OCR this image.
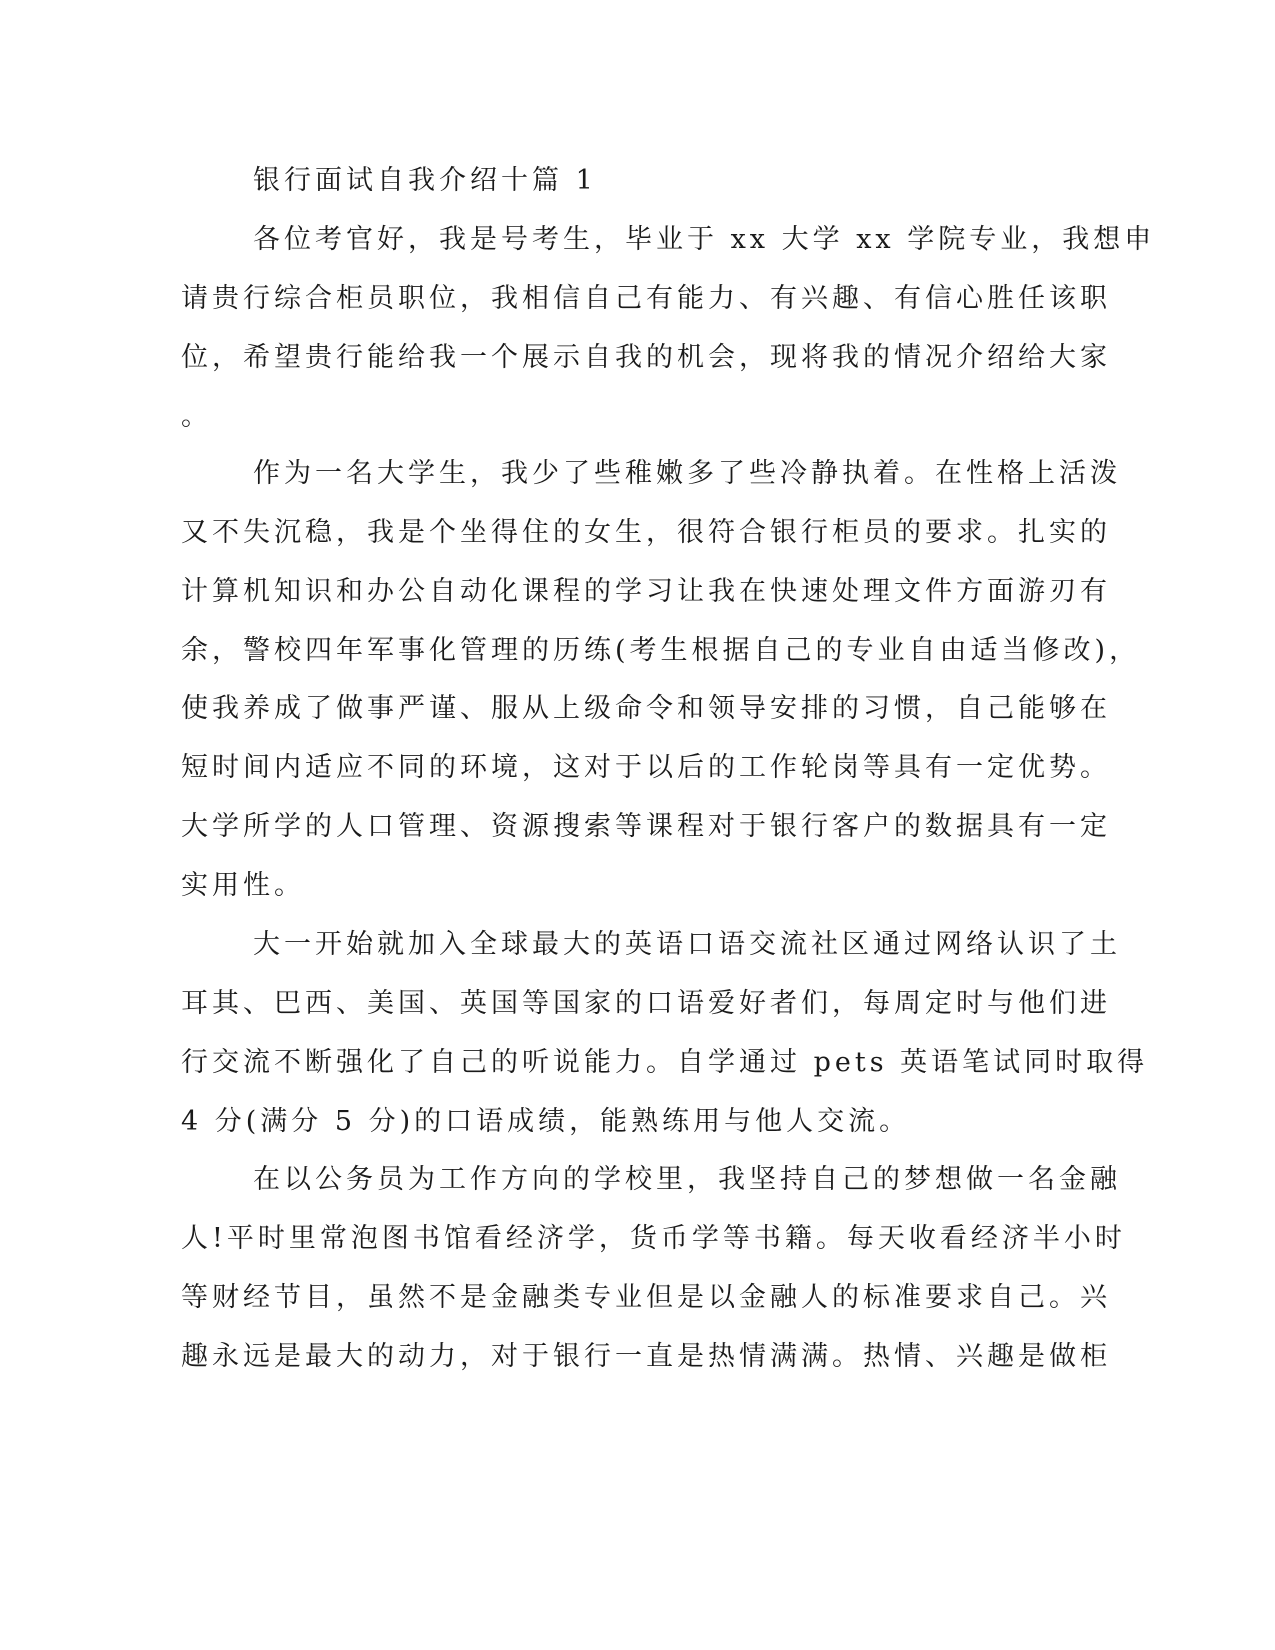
银行面试自我介绍十篇 1
各位考官好，我是号考生，毕业于 xx 大学 xx 学院专业，我想申
请贵行综合柜员职位，我相信自己有能力、有兴趣、有信心胜任该职
位，希望贵行能给我一个展示自我的机会，现将我的情况介绍给大家
。
作为一名大学生，我少了些稚嫩多了些冷静执着。在性格上活泼
又不失沉稳，我是个坐得住的女生，很符合银行柜员的要求。扎实的
计算机知识和办公自动化课程的学习让我在快速处理文件方面游刃有
余，警校四年军事化管理的历练(考生根据自己的专业自由适当修改)，
使我养成了做事严谨、服从上级命令和领导安排的习惯，自己能够在
短时间内适应不同的环境，这对于以后的工作轮岗等具有一定优势。
大学所学的人口管理、资源搜索等课程对于银行客户的数据具有一定
实用性。
大一开始就加入全球最大的英语口语交流社区通过网络认识了土
耳其、巴西、美国、英国等国家的口语爱好者们，每周定时与他们进
行交流不断强化了自己的听说能力。自学通过 pets 英语笔试同时取得
4 分(满分 5 分)的口语成绩，能熟练用与他人交流。
在以公务员为工作方向的学校里，我坚持自己的梦想做一名金融
人!平时里常泡图书馆看经济学，货币学等书籍。每天收看经济半小时
等财经节目，虽然不是金融类专业但是以金融人的标准要求自己。兴
趣永远是最大的动力，对于银行一直是热情满满。热情、兴趣是做柜
